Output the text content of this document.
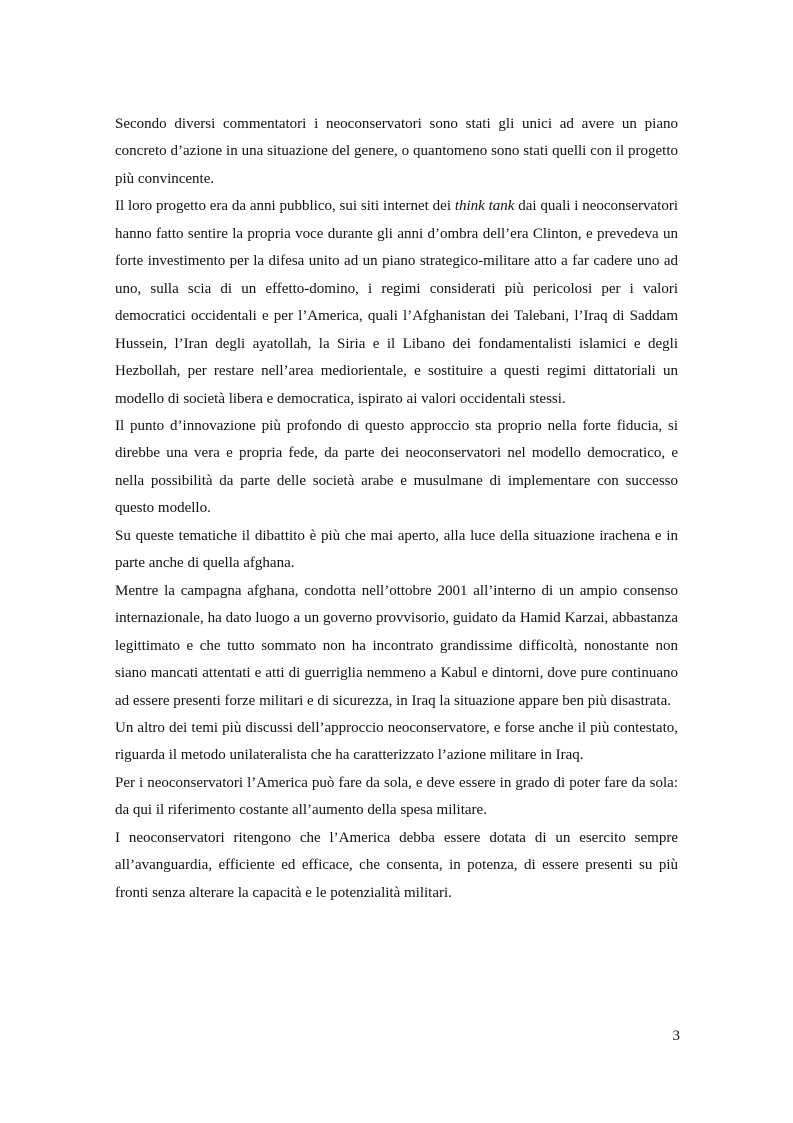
Secondo diversi commentatori i neoconservatori sono stati gli unici ad avere un piano concreto d’azione in una situazione del genere, o quantomeno sono stati quelli con il progetto più convincente.

Il loro progetto era da anni pubblico, sui siti internet dei think tank dai quali i neoconservatori hanno fatto sentire la propria voce durante gli anni d’ombra dell’era Clinton, e prevedeva un forte investimento per la difesa unito ad un piano strategico-militare atto a far cadere uno ad uno, sulla scia di un effetto-domino, i regimi considerati più pericolosi per i valori democratici occidentali e per l’America, quali l’Afghanistan dei Talebani, l’Iraq di Saddam Hussein, l’Iran degli ayatollah, la Siria e il Libano dei fondamentalisti islamici e degli Hezbollah, per restare nell’area mediorientale, e sostituire a questi regimi dittatoriali un modello di società libera e democratica, ispirato ai valori occidentali stessi.

Il punto d’innovazione più profondo di questo approccio sta proprio nella forte fiducia, si direbbe una vera e propria fede, da parte dei neoconservatori nel modello democratico, e nella possibilità da parte delle società arabe e musulmane di implementare con successo questo modello.

Su queste tematiche il dibattito è più che mai aperto, alla luce della situazione irachena e in parte anche di quella afghana.

Mentre la campagna afghana, condotta nell’ottobre 2001 all’interno di un ampio consenso internazionale, ha dato luogo a un governo provvisorio, guidato da Hamid Karzai, abbastanza legittimato e che tutto sommato non ha incontrato grandissime difficoltà, nonostante non siano mancati attentati e atti di guerriglia nemmeno a Kabul e dintorni, dove pure continuano ad essere presenti forze militari e di sicurezza, in Iraq la situazione appare ben più disastrata.

Un altro dei temi più discussi dell’approccio neoconservatore, e forse anche il più contestato, riguarda il metodo unilateralista che ha caratterizzato l’azione militare in Iraq.

Per i neoconservatori l’America può fare da sola, e deve essere in grado di poter fare da sola: da qui il riferimento costante all’aumento della spesa militare.

I neoconservatori ritengono che l’America debba essere dotata di un esercito sempre all’avanguardia, efficiente ed efficace, che consenta, in potenza, di essere presenti su più fronti senza alterare la capacità e le potenzialità militari.

3
